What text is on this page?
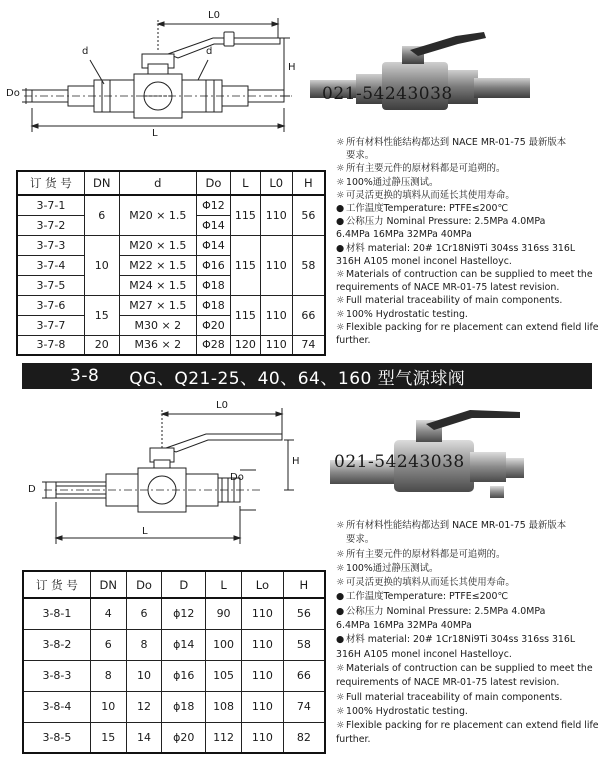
L0
d	d
Do
H
L
021-54243038
订 货 号	DN	d	Do	L	L0	H
3-7-1	6	M20 × 1.5	Φ12	115	110	56
3-7-2			Φ14			
3-7-3	10	M20 × 1.5	Φ14	115	110	58
3-7-4		M22 × 1.5	Φ16			
3-7-5		M24 × 1.5	Φ18			
3-7-6	15	M27 × 1.5	Φ18	115	110	66
3-7-7		M30 × 2	Φ20			
3-7-8	20	M36 × 2	Φ28	120	110	74
☼ 所有材料性能结构都达到 NACE MR-01-75 最新版本
要求。
☼ 所有主要元件的原材料都是可追朔的。
☼ 100%通过静压测试。
☼ 可灵活更换的填料从而延长其使用寿命。
● 工作温度Temperature: PTFE≤200℃
● 公称压力 Nominal Pressure: 2.5MPa 4.0MPa
6.4MPa 16MPa 32MPa 40MPa
● 材料 material: 20# 1Cr18Ni9Ti 304ss 316ss 316L
316H A105 monel inconel Hastelloyc.
☼ Materials of contruction can be supplied to meet the
requirements of NACE MR-01-75 latest revision.
☼ Full material traceability of main components.
☼ 100% Hydrostatic testing.
☼ Flexible packing for re placement can extend field life
further.
3-8 QG、Q21-25、40、64、160 型气源球阀
L0
D
Do
H
L
021-54243038
订 货 号	DN	Do	D	L	Lo	H
3-8-1	4	6	ϕ12	90	110	56
3-8-2	6	8	ϕ14	100	110	58
3-8-3	8	10	ϕ16	105	110	66
3-8-4	10	12	ϕ18	108	110	74
3-8-5	15	14	ϕ20	112	110	82
☼ 所有材料性能结构都达到 NACE MR-01-75 最新版本
要求。
☼ 所有主要元件的原材料都是可追朔的。
☼ 100%通过静压测试。
☼ 可灵活更换的填料从而延长其使用寿命。
● 工作温度Temperature: PTFE≤200℃
● 公称压力 Nominal Pressure: 2.5MPa 4.0MPa
6.4MPa 16MPa 32MPa 40MPa
● 材料 material: 20# 1Cr18Ni9Ti 304ss 316ss 316L
316H A105 monel inconel Hastelloyc.
☼ Materials of contruction can be supplied to meet the
requirements of NACE MR-01-75 latest revision.
☼ Full material traceability of main components.
☼ 100% Hydrostatic testing.
☼ Flexible packing for re placement can extend field life
further.
